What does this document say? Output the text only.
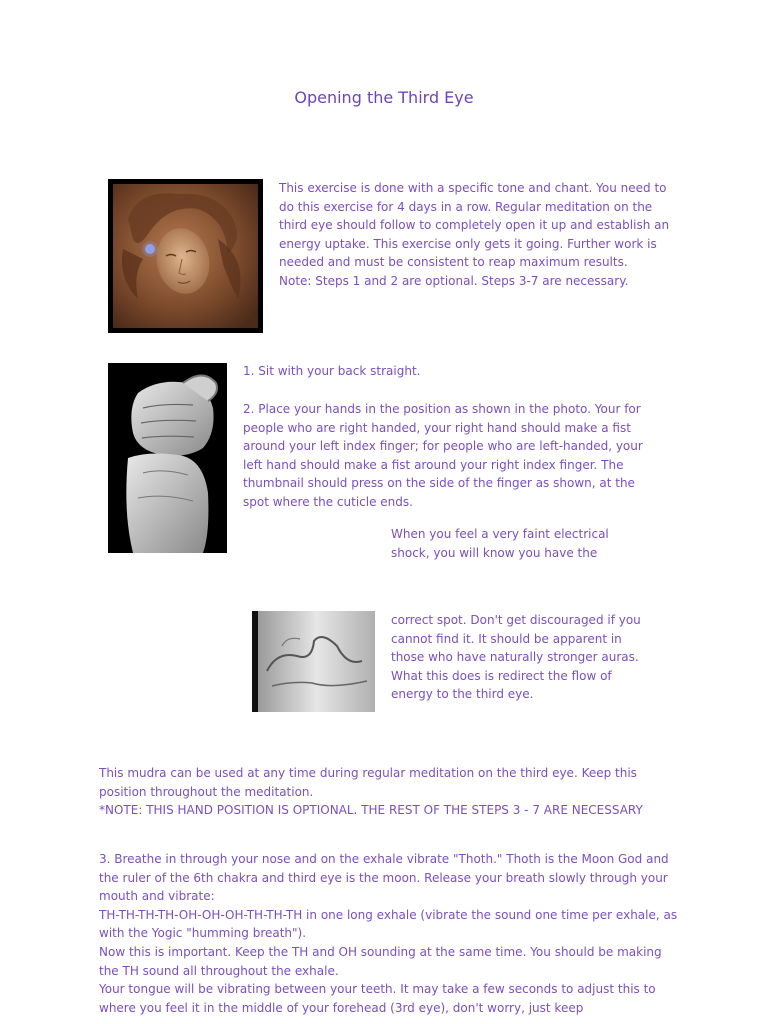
Opening the Third Eye

This exercise is done with a specific tone and chant. You need to do this exercise for 4 days in a row. Regular meditation on the third eye should follow to completely open it up and establish an energy uptake. This exercise only gets it going. Further work is needed and must be consistent to reap maximum results.

Note: Steps 1 and 2 are optional. Steps 3-7 are necessary.

1. Sit with your back straight.

2. Place your hands in the position as shown in the photo. Your for people who are right handed, your right hand should make a fist around your left index finger; for people who are left-handed, your left hand should make a fist around your right index finger. The thumbnail should press on the side of the finger as shown, at the spot where the cuticle ends.

When you feel a very faint electrical shock, you will know you have the

correct spot. Don't get discouraged if you cannot find it. It should be apparent in those who have naturally stronger auras. What this does is redirect the flow of energy to the third eye.

This mudra can be used at any time during regular meditation on the third eye. Keep this position throughout the meditation.

*NOTE: THIS HAND POSITION IS OPTIONAL. THE REST OF THE STEPS 3 - 7 ARE NECESSARY

3. Breathe in through your nose and on the exhale vibrate "Thoth." Thoth is the Moon God and the ruler of the 6th chakra and third eye is the moon. Release your breath slowly through your mouth and vibrate:

TH-TH-TH-TH-OH-OH-OH-TH-TH-TH in one long exhale (vibrate the sound one time per exhale, as with the Yogic "humming breath").

Now this is important. Keep the TH and OH sounding at the same time. You should be making the TH sound all throughout the exhale.

Your tongue will be vibrating between your teeth. It may take a few seconds to adjust this to where you feel it in the middle of your forehead (3rd eye), don't worry, just keep
